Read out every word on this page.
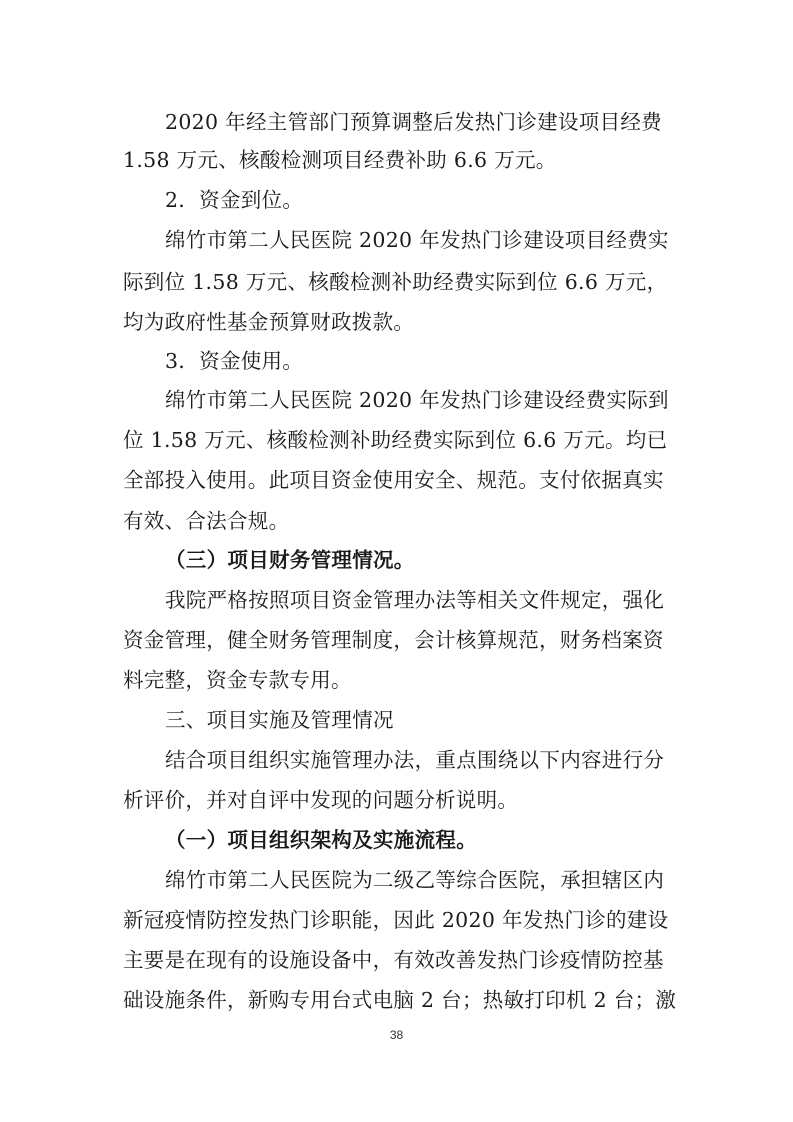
2020 年经主管部门预算调整后发热门诊建设项目经费
1.58 万元、核酸检测项目经费补助 6.6 万元。
2．资金到位。
绵竹市第二人民医院 2020 年发热门诊建设项目经费实
际到位 1.58 万元、核酸检测补助经费实际到位 6.6 万元，
均为政府性基金预算财政拨款。
3．资金使用。
绵竹市第二人民医院 2020 年发热门诊建设经费实际到
位 1.58 万元、核酸检测补助经费实际到位 6.6 万元。均已
全部投入使用。此项目资金使用安全、规范。支付依据真实
有效、合法合规。
（三）项目财务管理情况。
我院严格按照项目资金管理办法等相关文件规定，强化
资金管理，健全财务管理制度，会计核算规范，财务档案资
料完整，资金专款专用。
三、项目实施及管理情况
结合项目组织实施管理办法，重点围绕以下内容进行分
析评价，并对自评中发现的问题分析说明。
（一）项目组织架构及实施流程。
绵竹市第二人民医院为二级乙等综合医院，承担辖区内
新冠疫情防控发热门诊职能，因此 2020 年发热门诊的建设
主要是在现有的设施设备中，有效改善发热门诊疫情防控基
础设施条件，新购专用台式电脑 2 台；热敏打印机 2 台；激
38
